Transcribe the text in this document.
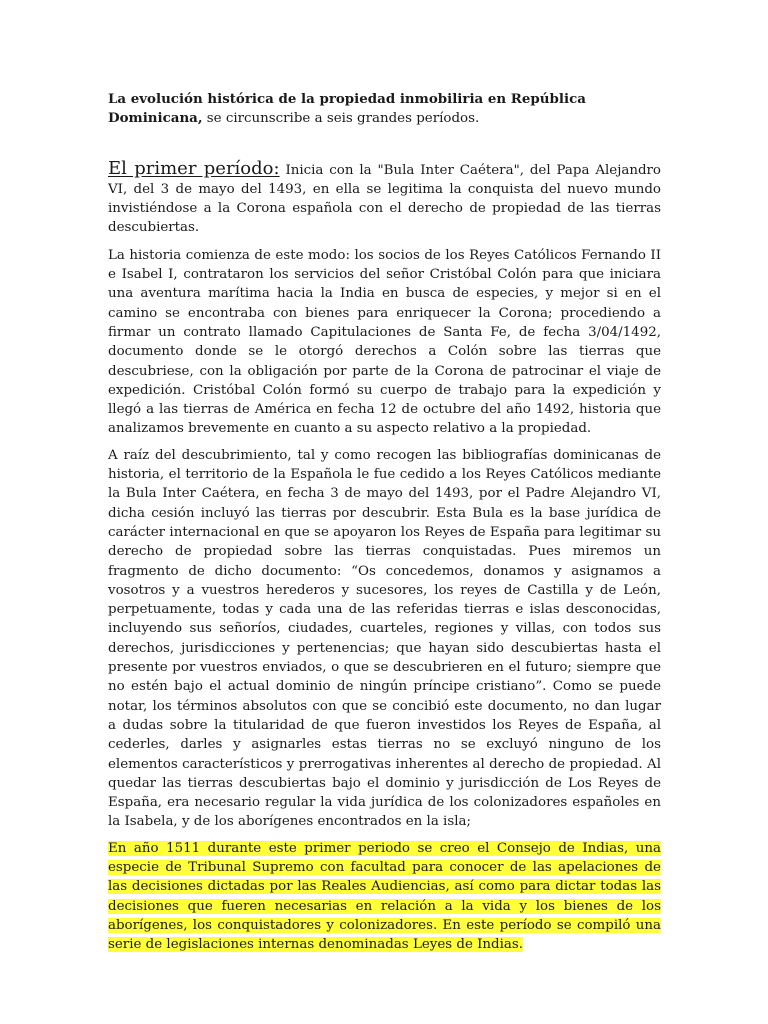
La evolución histórica de la propiedad inmobiliria en República Dominicana, se circunscribe a seis grandes períodos.

El primer período: Inicia con la "Bula Inter Caétera", del Papa Alejandro VI, del 3 de mayo del 1493, en ella se legitima la conquista del nuevo mundo invistiéndose a la Corona española con el derecho de propiedad de las tierras descubiertas.

La historia comienza de este modo: los socios de los Reyes Católicos Fernando II e Isabel I, contrataron los servicios del señor Cristóbal Colón para que iniciara una aventura marítima hacia la India en busca de especies, y mejor si en el camino se encontraba con bienes para enriquecer la Corona; procediendo a firmar un contrato llamado Capitulaciones de Santa Fe, de fecha 3/04/1492, documento donde se le otorgó derechos a Colón sobre las tierras que descubriese, con la obligación por parte de la Corona de patrocinar el viaje de expedición. Cristóbal Colón formó su cuerpo de trabajo para la expedición y llegó a las tierras de América en fecha 12 de octubre del año 1492, historia que analizamos brevemente en cuanto a su aspecto relativo a la propiedad.

A raíz del descubrimiento, tal y como recogen las bibliografías dominicanas de historia, el territorio de la Española le fue cedido a los Reyes Católicos mediante la Bula Inter Caétera, en fecha 3 de mayo del 1493, por el Padre Alejandro VI, dicha cesión incluyó las tierras por descubrir. Esta Bula es la base jurídica de carácter internacional en que se apoyaron los Reyes de España para legitimar su derecho de propiedad sobre las tierras conquistadas. Pues miremos un fragmento de dicho documento: “Os concedemos, donamos y asignamos a vosotros y a vuestros herederos y sucesores, los reyes de Castilla y de León, perpetuamente, todas y cada una de las referidas tierras e islas desconocidas, incluyendo sus señoríos, ciudades, cuarteles, regiones y villas, con todos sus derechos, jurisdicciones y pertenencias; que hayan sido descubiertas hasta el presente por vuestros enviados, o que se descubrieren en el futuro; siempre que no estén bajo el actual dominio de ningún príncipe cristiano”. Como se puede notar, los términos absolutos con que se concibió este documento, no dan lugar a dudas sobre la titularidad de que fueron investidos los Reyes de España, al cederles, darles y asignarles estas tierras no se excluyó ninguno de los elementos característicos y prerrogativas inherentes al derecho de propiedad. Al quedar las tierras descubiertas bajo el dominio y jurisdicción de Los Reyes de España, era necesario regular la vida jurídica de los colonizadores españoles en la Isabela, y de los aborígenes encontrados en la isla;

En año 1511 durante este primer periodo se creo el Consejo de Indias, una especie de Tribunal Supremo con facultad para conocer de las apelaciones de las decisiones dictadas por las Reales Audiencias, así como para dictar todas las decisiones que fueren necesarias en relación a la vida y los bienes de los aborígenes, los conquistadores y colonizadores. En este período se compiló una serie de legislaciones internas denominadas Leyes de Indias.
